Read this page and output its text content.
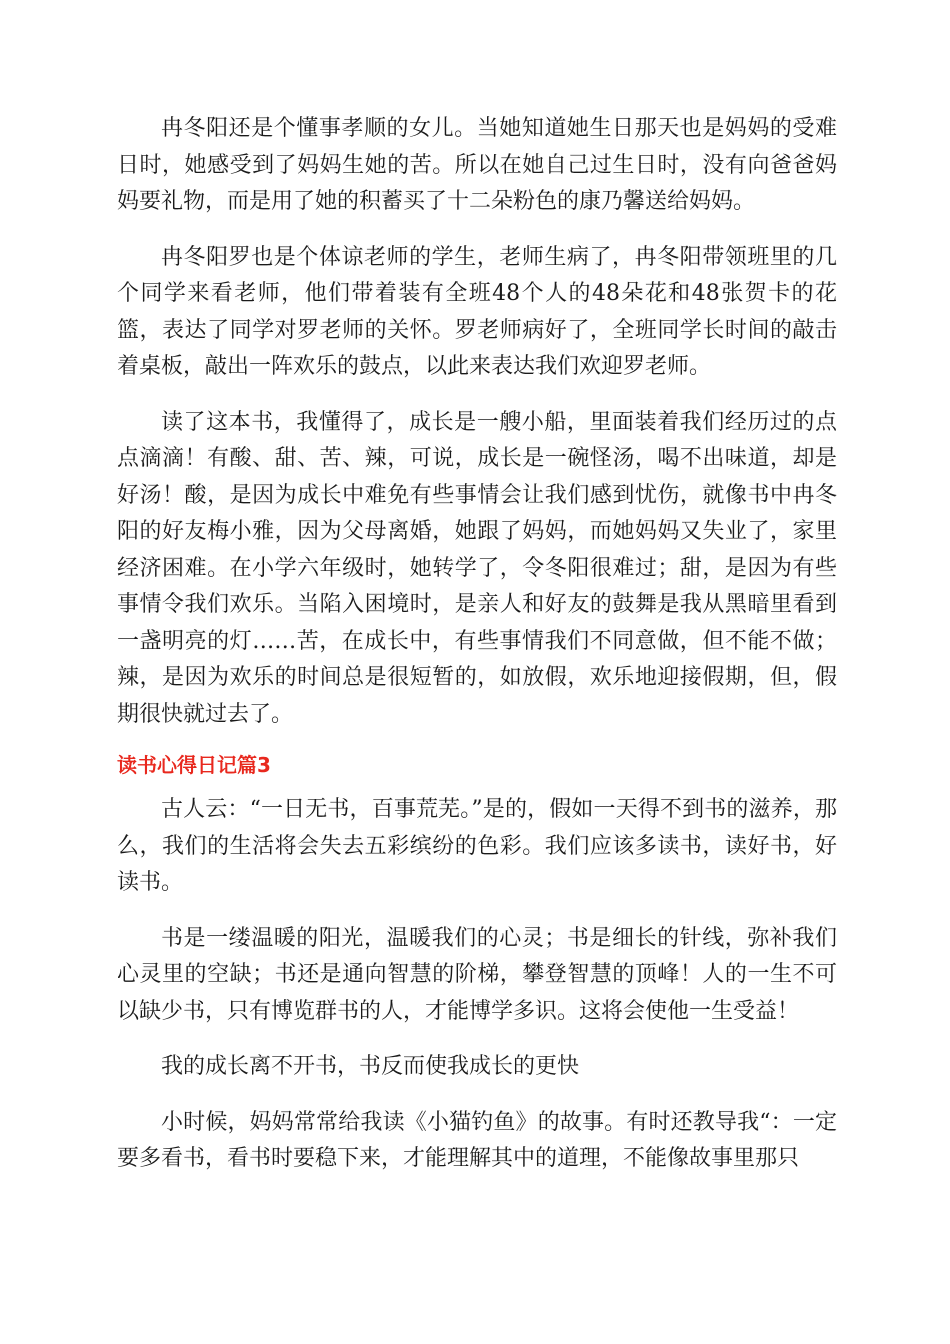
冉冬阳还是个懂事孝顺的女儿。当她知道她生日那天也是妈妈的受难日时，她感受到了妈妈生她的苦。所以在她自己过生日时，没有向爸爸妈妈要礼物，而是用了她的积蓄买了十二朵粉色的康乃馨送给妈妈。

冉冬阳罗也是个体谅老师的学生，老师生病了，冉冬阳带领班里的几个同学来看老师，他们带着装有全班48个人的48朵花和48张贺卡的花篮，表达了同学对罗老师的关怀。罗老师病好了，全班同学长时间的敲击着桌板，敲出一阵欢乐的鼓点，以此来表达我们欢迎罗老师。

读了这本书，我懂得了，成长是一艘小船，里面装着我们经历过的点点滴滴！有酸、甜、苦、辣，可说，成长是一碗怪汤，喝不出味道，却是好汤！酸，是因为成长中难免有些事情会让我们感到忧伤，就像书中冉冬阳的好友梅小雅，因为父母离婚，她跟了妈妈，而她妈妈又失业了，家里经济困难。在小学六年级时，她转学了，令冬阳很难过；甜，是因为有些事情令我们欢乐。当陷入困境时，是亲人和好友的鼓舞是我从黑暗里看到一盏明亮的灯……苦，在成长中，有些事情我们不同意做，但不能不做；辣，是因为欢乐的时间总是很短暂的，如放假，欢乐地迎接假期，但，假期很快就过去了。

读书心得日记篇3

古人云：“一日无书，百事荒芜。”是的，假如一天得不到书的滋养，那么，我们的生活将会失去五彩缤纷的色彩。我们应该多读书，读好书，好读书。

书是一缕温暖的阳光，温暖我们的心灵；书是细长的针线，弥补我们心灵里的空缺；书还是通向智慧的阶梯，攀登智慧的顶峰！人的一生不可以缺少书，只有博览群书的人，才能博学多识。这将会使他一生受益！

我的成长离不开书，书反而使我成长的更快

小时候，妈妈常常给我读《小猫钓鱼》的故事。有时还教导我“：一定要多看书，看书时要稳下来，才能理解其中的道理，不能像故事里那只
